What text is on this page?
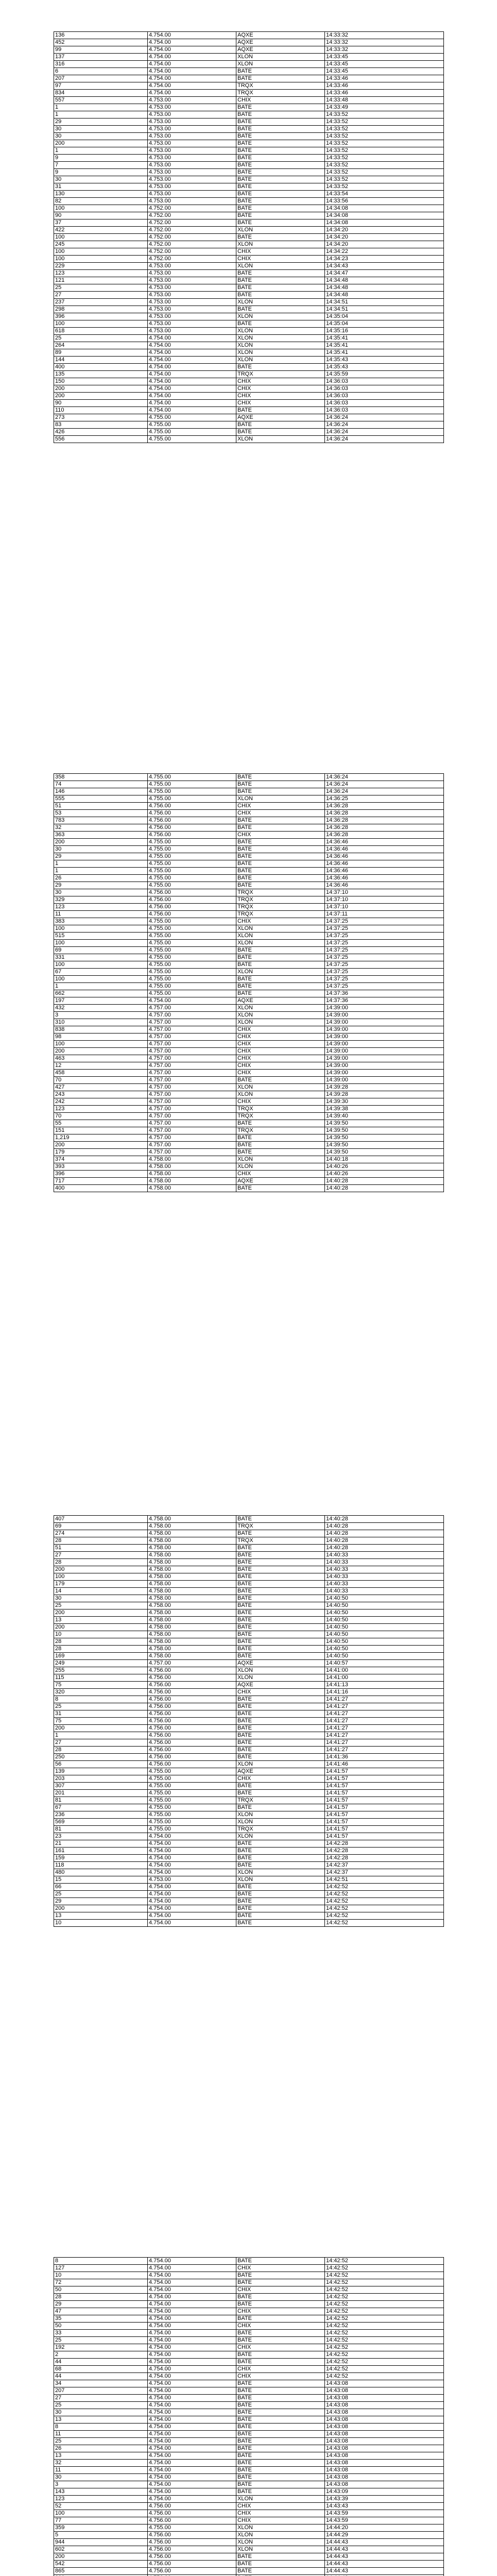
136	4.754.00	AQXE	14:33:32
452	4.754.00	AQXE	14:33:32
99	4.754.00	AQXE	14:33:32
137	4.754.00	XLON	14:33:45
316	4.754.00	XLON	14:33:45
6	4.754.00	BATE	14:33:45
207	4.754.00	BATE	14:33:46
97	4.754.00	TRQX	14:33:46
834	4.754.00	TRQX	14:33:46
557	4.753.00	CHIX	14:33:48
1	4.753.00	BATE	14:33:49
1	4.753.00	BATE	14:33:52
29	4.753.00	BATE	14:33:52
30	4.753.00	BATE	14:33:52
30	4.753.00	BATE	14:33:52
200	4.753.00	BATE	14:33:52
1	4.753.00	BATE	14:33:52
9	4.753.00	BATE	14:33:52
7	4.753.00	BATE	14:33:52
9	4.753.00	BATE	14:33:52
30	4.753.00	BATE	14:33:52
31	4.753.00	BATE	14:33:52
130	4.753.00	BATE	14:33:54
82	4.753.00	BATE	14:33:56
100	4.752.00	BATE	14:34:08
90	4.752.00	BATE	14:34:08
37	4.752.00	BATE	14:34:08
422	4.752.00	XLON	14:34:20
100	4.752.00	BATE	14:34:20
245	4.752.00	XLON	14:34:20
100	4.752.00	CHIX	14:34:22
100	4.752.00	CHIX	14:34:23
229	4.753.00	XLON	14:34:43
123	4.753.00	BATE	14:34:47
121	4.753.00	BATE	14:34:48
25	4.753.00	BATE	14:34:48
27	4.753.00	BATE	14:34:48
237	4.753.00	XLON	14:34:51
298	4.753.00	BATE	14:34:51
396	4.753.00	XLON	14:35:04
100	4.753.00	BATE	14:35:04
618	4.753.00	XLON	14:35:16
25	4.754.00	XLON	14:35:41
264	4.754.00	XLON	14:35:41
89	4.754.00	XLON	14:35:41
144	4.754.00	XLON	14:35:43
400	4.754.00	BATE	14:35:43
135	4.754.00	TRQX	14:35:59
150	4.754.00	CHIX	14:36:03
200	4.754.00	CHIX	14:36:03
200	4.754.00	CHIX	14:36:03
90	4.754.00	CHIX	14:36:03
110	4.754.00	BATE	14:36:03
273	4.755.00	AQXE	14:36:24
83	4.755.00	BATE	14:36:24
426	4.755.00	BATE	14:36:24
556	4.755.00	XLON	14:36:24
358	4.755.00	BATE	14:36:24
74	4.755.00	BATE	14:36:24
146	4.755.00	BATE	14:36:24
555	4.755.00	XLON	14:36:25
51	4.756.00	CHIX	14:36:28
53	4.756.00	CHIX	14:36:28
783	4.756.00	BATE	14:36:28
32	4.756.00	BATE	14:36:28
363	4.756.00	CHIX	14:36:28
200	4.755.00	BATE	14:36:46
30	4.755.00	BATE	14:36:46
29	4.755.00	BATE	14:36:46
1	4.755.00	BATE	14:36:46
1	4.755.00	BATE	14:36:46
26	4.755.00	BATE	14:36:46
29	4.755.00	BATE	14:36:46
30	4.756.00	TRQX	14:37:10
329	4.756.00	TRQX	14:37:10
123	4.756.00	TRQX	14:37:10
11	4.756.00	TRQX	14:37:11
383	4.755.00	CHIX	14:37:25
100	4.755.00	XLON	14:37:25
515	4.755.00	XLON	14:37:25
100	4.755.00	XLON	14:37:25
69	4.755.00	BATE	14:37:25
331	4.755.00	BATE	14:37:25
100	4.755.00	BATE	14:37:25
67	4.755.00	XLON	14:37:25
100	4.755.00	BATE	14:37:25
1	4.755.00	BATE	14:37:25
662	4.755.00	BATE	14:37:36
197	4.754.00	AQXE	14:37:36
432	4.757.00	XLON	14:39:00
3	4.757.00	XLON	14:39:00
310	4.757.00	XLON	14:39:00
838	4.757.00	CHIX	14:39:00
98	4.757.00	CHIX	14:39:00
100	4.757.00	CHIX	14:39:00
200	4.757.00	CHIX	14:39:00
463	4.757.00	CHIX	14:39:00
12	4.757.00	CHIX	14:39:00
458	4.757.00	CHIX	14:39:00
70	4.757.00	BATE	14:39:00
427	4.757.00	XLON	14:39:28
243	4.757.00	XLON	14:39:28
242	4.757.00	CHIX	14:39:30
123	4.757.00	TRQX	14:39:38
70	4.757.00	TRQX	14:39:40
55	4.757.00	BATE	14:39:50
151	4.757.00	TRQX	14:39:50
1,219	4.757.00	BATE	14:39:50
200	4.757.00	BATE	14:39:50
179	4.757.00	BATE	14:39:50
374	4.758.00	XLON	14:40:18
393	4.758.00	XLON	14:40:26
396	4.758.00	CHIX	14:40:26
717	4.758.00	AQXE	14:40:28
400	4.758.00	BATE	14:40:28
407	4.758.00	BATE	14:40:28
69	4.758.00	TRQX	14:40:28
274	4.758.00	BATE	14:40:28
28	4.758.00	TRQX	14:40:28
51	4.758.00	BATE	14:40:28
27	4.758.00	BATE	14:40:33
28	4.758.00	BATE	14:40:33
200	4.758.00	BATE	14:40:33
100	4.758.00	BATE	14:40:33
179	4.758.00	BATE	14:40:33
14	4.758.00	BATE	14:40:33
30	4.758.00	BATE	14:40:50
25	4.758.00	BATE	14:40:50
200	4.758.00	BATE	14:40:50
13	4.758.00	BATE	14:40:50
200	4.758.00	BATE	14:40:50
10	4.758.00	BATE	14:40:50
28	4.758.00	BATE	14:40:50
28	4.758.00	BATE	14:40:50
169	4.758.00	BATE	14:40:50
249	4.757.00	AQXE	14:40:57
255	4.756.00	XLON	14:41:00
115	4.756.00	XLON	14:41:00
75	4.756.00	AQXE	14:41:13
320	4.756.00	CHIX	14:41:16
8	4.756.00	BATE	14:41:27
25	4.756.00	BATE	14:41:27
31	4.756.00	BATE	14:41:27
75	4.756.00	BATE	14:41:27
200	4.756.00	BATE	14:41:27
1	4.756.00	BATE	14:41:27
27	4.756.00	BATE	14:41:27
28	4.756.00	BATE	14:41:27
250	4.756.00	BATE	14:41:36
56	4.756.00	XLON	14:41:46
139	4.755.00	AQXE	14:41:57
203	4.755.00	CHIX	14:41:57
307	4.755.00	BATE	14:41:57
201	4.755.00	BATE	14:41:57
81	4.755.00	TRQX	14:41:57
67	4.755.00	BATE	14:41:57
236	4.755.00	XLON	14:41:57
569	4.755.00	XLON	14:41:57
81	4.755.00	TRQX	14:41:57
23	4.754.00	XLON	14:41:57
21	4.754.00	BATE	14:42:28
161	4.754.00	BATE	14:42:28
159	4.754.00	BATE	14:42:28
118	4.754.00	BATE	14:42:37
480	4.754.00	XLON	14:42:37
15	4.753.00	XLON	14:42:51
66	4.754.00	BATE	14:42:52
25	4.754.00	BATE	14:42:52
29	4.754.00	BATE	14:42:52
200	4.754.00	BATE	14:42:52
13	4.754.00	BATE	14:42:52
10	4.754.00	BATE	14:42:52
8	4.754.00	BATE	14:42:52
127	4.754.00	CHIX	14:42:52
10	4.754.00	BATE	14:42:52
72	4.754.00	BATE	14:42:52
50	4.754.00	CHIX	14:42:52
28	4.754.00	BATE	14:42:52
29	4.754.00	BATE	14:42:52
47	4.754.00	CHIX	14:42:52
35	4.754.00	BATE	14:42:52
50	4.754.00	CHIX	14:42:52
33	4.754.00	BATE	14:42:52
25	4.754.00	BATE	14:42:52
192	4.754.00	CHIX	14:42:52
2	4.754.00	BATE	14:42:52
44	4.754.00	BATE	14:42:52
68	4.754.00	CHIX	14:42:52
44	4.754.00	CHIX	14:42:52
34	4.754.00	BATE	14:43:08
207	4.754.00	BATE	14:43:08
27	4.754.00	BATE	14:43:08
25	4.754.00	BATE	14:43:08
30	4.754.00	BATE	14:43:08
13	4.754.00	BATE	14:43:08
8	4.754.00	BATE	14:43:08
11	4.754.00	BATE	14:43:08
25	4.754.00	BATE	14:43:08
26	4.754.00	BATE	14:43:08
13	4.754.00	BATE	14:43:08
32	4.754.00	BATE	14:43:08
11	4.754.00	BATE	14:43:08
30	4.754.00	BATE	14:43:08
3	4.754.00	BATE	14:43:08
143	4.754.00	BATE	14:43:09
123	4.754.00	XLON	14:43:39
52	4.756.00	CHIX	14:43:43
100	4.756.00	CHIX	14:43:59
77	4.756.00	CHIX	14:43:59
359	4.755.00	XLON	14:44:20
5	4.756.00	XLON	14:44:29
944	4.756.00	XLON	14:44:43
602	4.756.00	XLON	14:44:43
200	4.756.00	BATE	14:44:43
542	4.756.00	BATE	14:44:43
865	4.756.00	BATE	14:44:43
